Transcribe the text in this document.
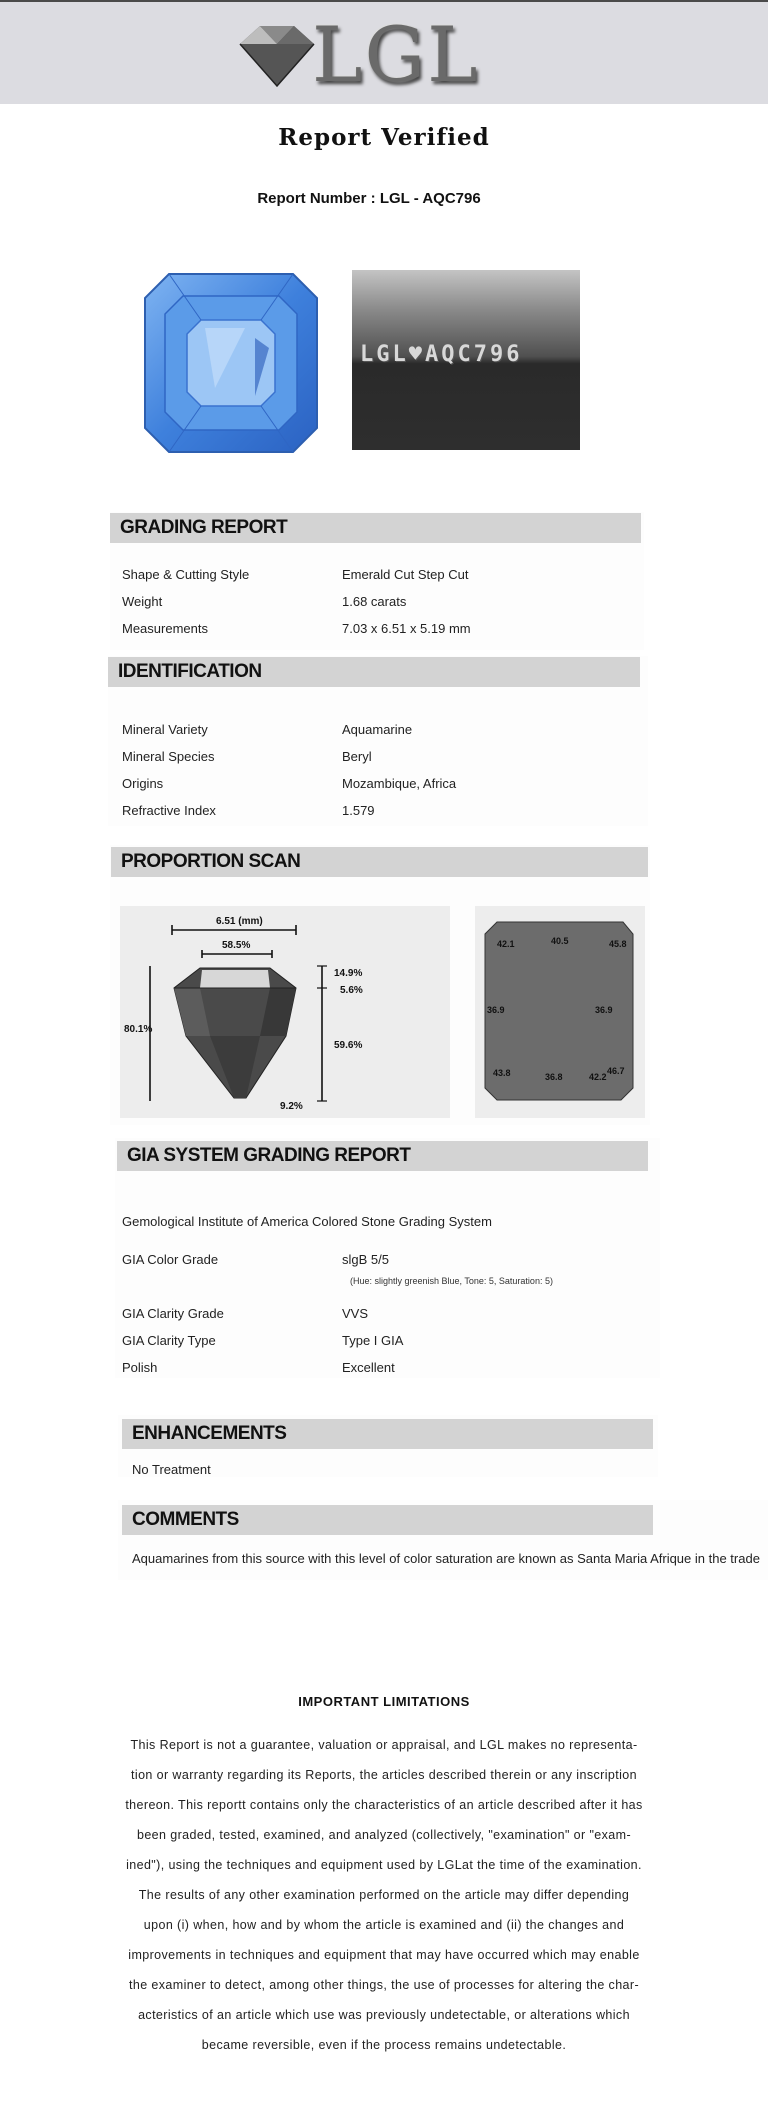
LGL
Report Verified
Report Number : LGL - AQC796
LGL♥AQC796
GRADING REPORT
Shape & Cutting Style	Emerald Cut Step Cut
Weight	1.68 carats
Measurements	7.03 x 6.51 x 5.19 mm
IDENTIFICATION
Mineral Variety	Aquamarine
Mineral Species	Beryl
Origins	Mozambique, Africa
Refractive Index	1.579
PROPORTION SCAN
6.51 (mm)
58.5%
14.9%
5.6%
80.1%
59.6%
9.2%
42.1	40.5	45.8
36.9	36.9
43.8	36.8	42.2
46.7
GIA SYSTEM GRADING REPORT
Gemological Institute of America Colored Stone Grading System
GIA Color Grade	slgB 5/5
(Hue: slightly greenish Blue, Tone: 5, Saturation: 5)
GIA Clarity Grade	VVS
GIA Clarity Type	Type I GIA
Polish	Excellent
ENHANCEMENTS
No Treatment
COMMENTS
Aquamarines from this source with this level of color saturation are known as Santa Maria Afrique in the trade
IMPORTANT LIMITATIONS
This Report is not a guarantee, valuation or appraisal, and LGL makes no representa-
tion or warranty regarding its Reports, the articles described therein or any inscription
thereon. This reportt contains only the characteristics of an article described after it has
been graded, tested, examined, and analyzed (collectively, "examination" or "exam-
ined"), using the techniques and equipment used by LGLat the time of the examination.
The results of any other examination performed on the article may differ depending
upon (i) when, how and by whom the article is examined and (ii) the changes and
improvements in techniques and equipment that may have occurred which may enable
the examiner to detect, among other things, the use of processes for altering the char-
acteristics of an article which use was previously undetectable, or alterations which
became reversible, even if the process remains undetectable.
